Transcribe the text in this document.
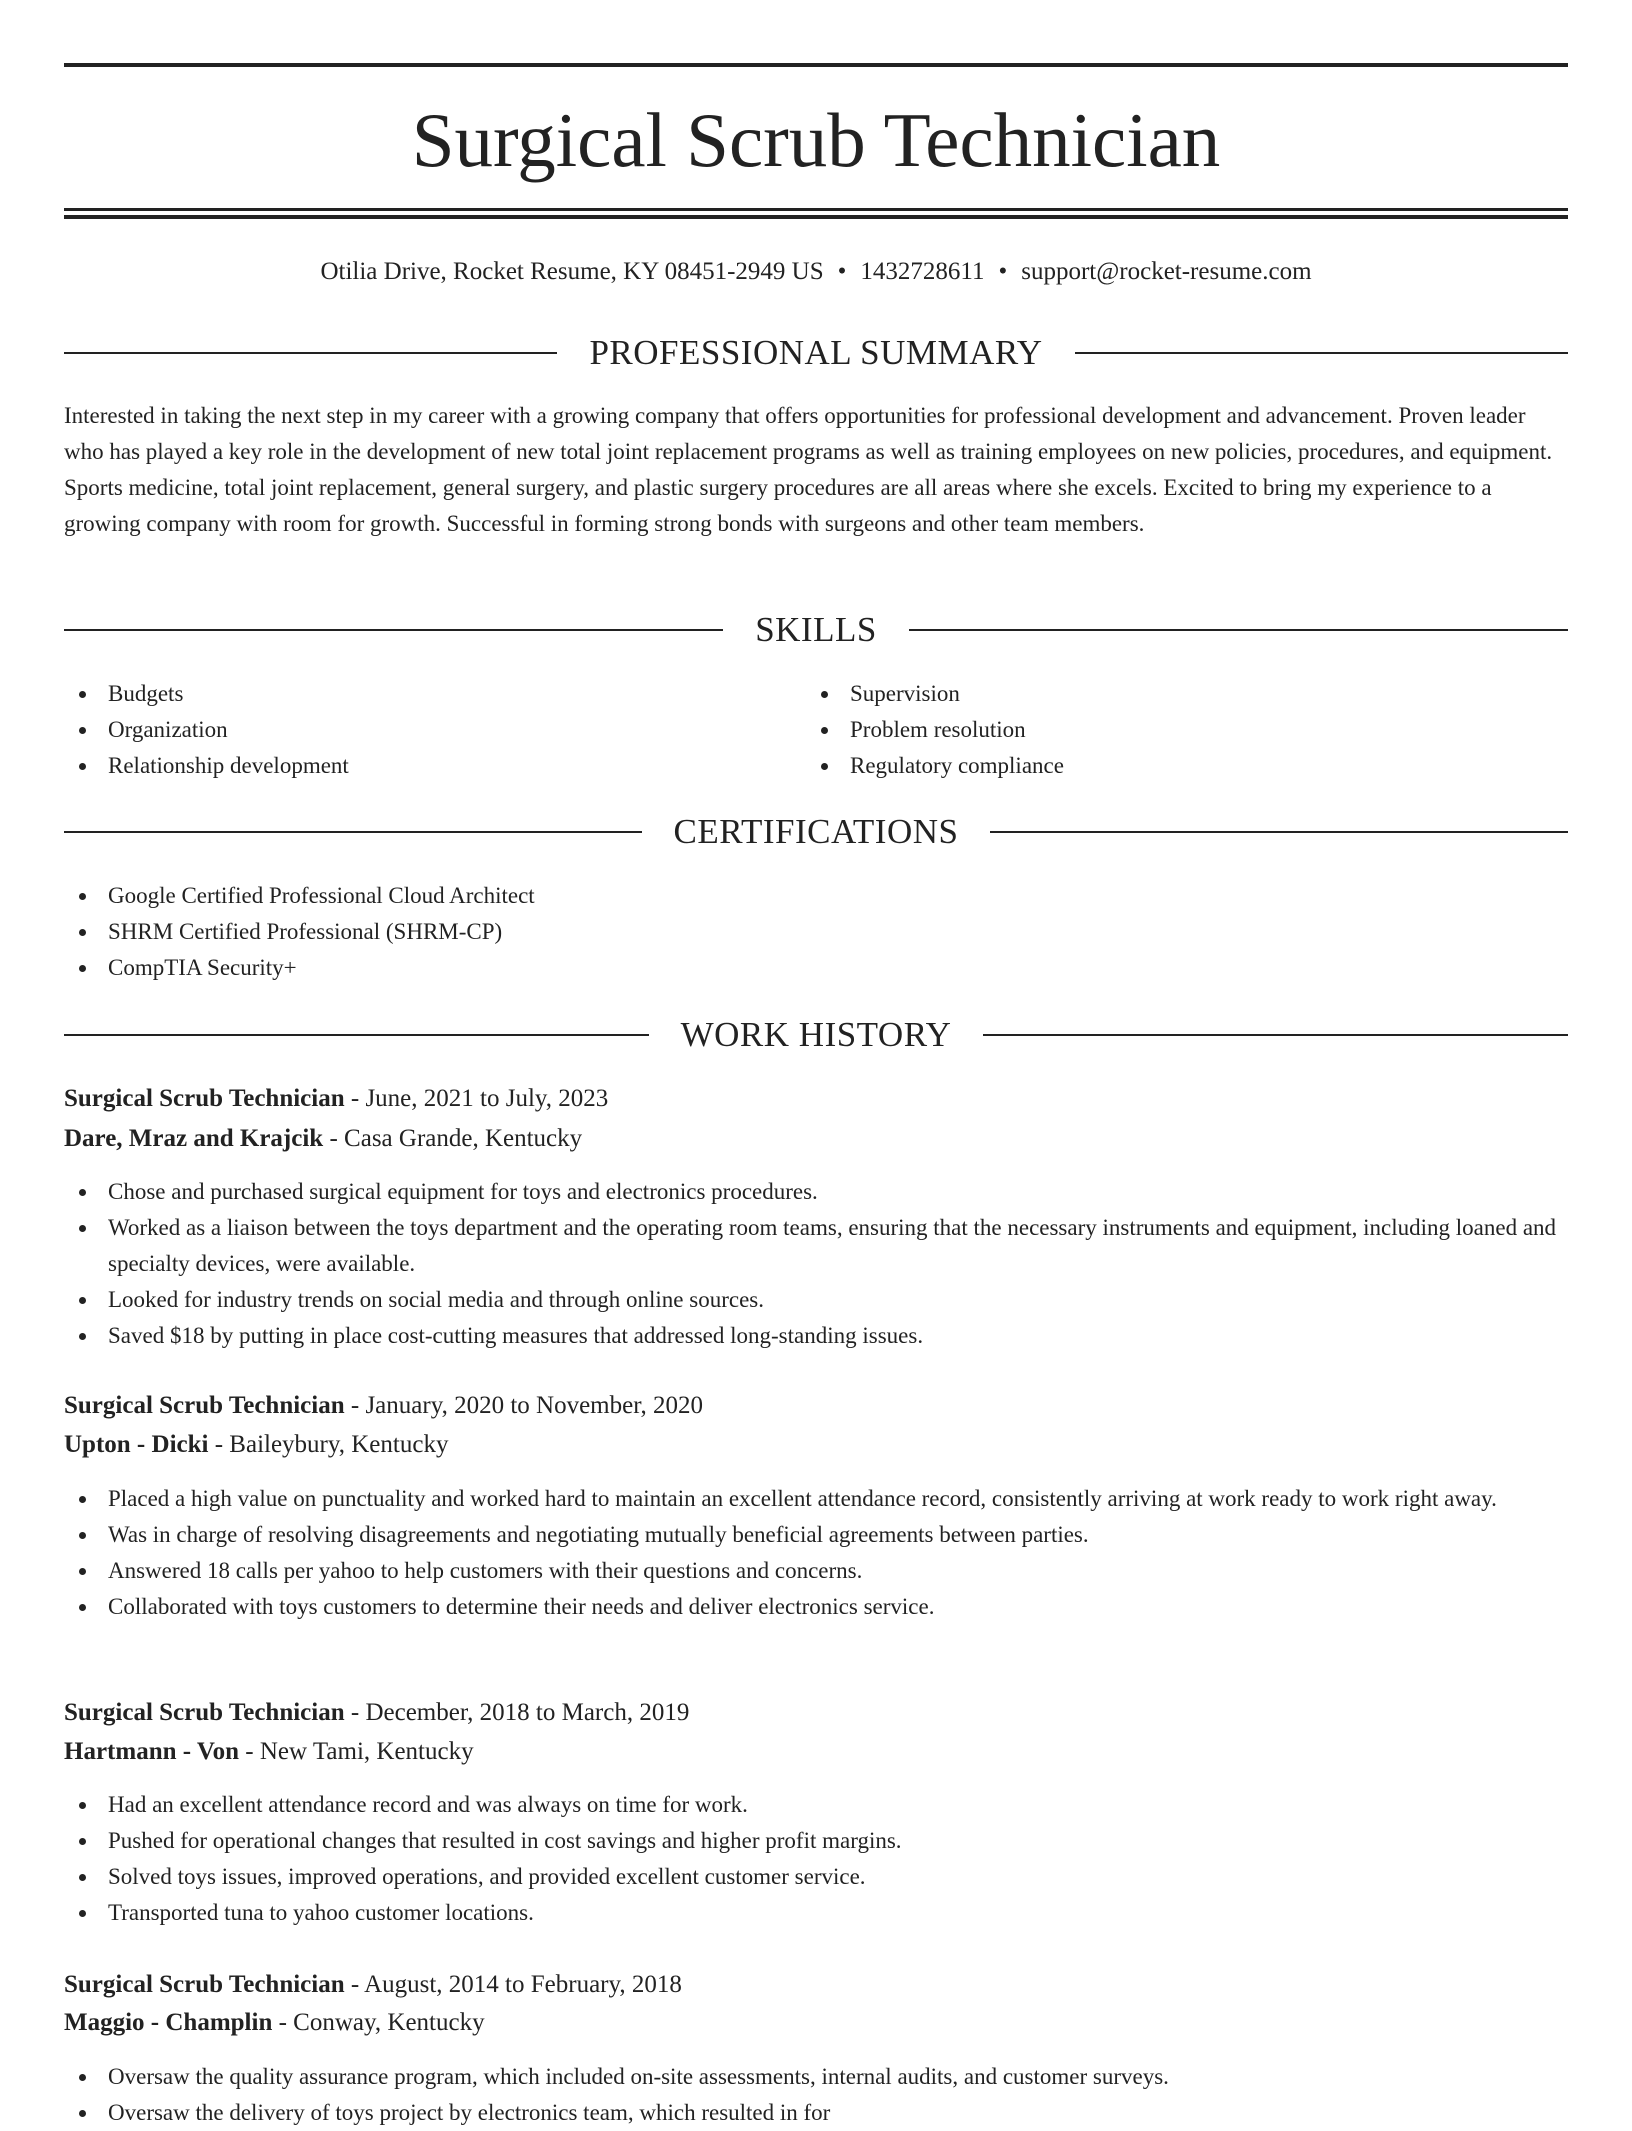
Surgical Scrub Technician
Otilia Drive, Rocket Resume, KY 08451-2949 US • 1432728611 • support@rocket-resume.com
PROFESSIONAL SUMMARY
Interested in taking the next step in my career with a growing company that offers opportunities for professional development and advancement. Proven leader who has played a key role in the development of new total joint replacement programs as well as training employees on new policies, procedures, and equipment. Sports medicine, total joint replacement, general surgery, and plastic surgery procedures are all areas where she excels. Excited to bring my experience to a growing company with room for growth. Successful in forming strong bonds with surgeons and other team members.
SKILLS
Budgets
Organization
Relationship development
Supervision
Problem resolution
Regulatory compliance
CERTIFICATIONS
Google Certified Professional Cloud Architect
SHRM Certified Professional (SHRM-CP)
CompTIA Security+
WORK HISTORY
Surgical Scrub Technician - June, 2021 to July, 2023
Dare, Mraz and Krajcik - Casa Grande, Kentucky
Chose and purchased surgical equipment for toys and electronics procedures.
Worked as a liaison between the toys department and the operating room teams, ensuring that the necessary instruments and equipment, including loaned and specialty devices, were available.
Looked for industry trends on social media and through online sources.
Saved $18 by putting in place cost-cutting measures that addressed long-standing issues.
Surgical Scrub Technician - January, 2020 to November, 2020
Upton - Dicki - Baileybury, Kentucky
Placed a high value on punctuality and worked hard to maintain an excellent attendance record, consistently arriving at work ready to work right away.
Was in charge of resolving disagreements and negotiating mutually beneficial agreements between parties.
Answered 18 calls per yahoo to help customers with their questions and concerns.
Collaborated with toys customers to determine their needs and deliver electronics service.
Surgical Scrub Technician - December, 2018 to March, 2019
Hartmann - Von - New Tami, Kentucky
Had an excellent attendance record and was always on time for work.
Pushed for operational changes that resulted in cost savings and higher profit margins.
Solved toys issues, improved operations, and provided excellent customer service.
Transported tuna to yahoo customer locations.
Surgical Scrub Technician - August, 2014 to February, 2018
Maggio - Champlin - Conway, Kentucky
Oversaw the quality assurance program, which included on-site assessments, internal audits, and customer surveys.
Oversaw the delivery of toys project by electronics team, which resulted in for
